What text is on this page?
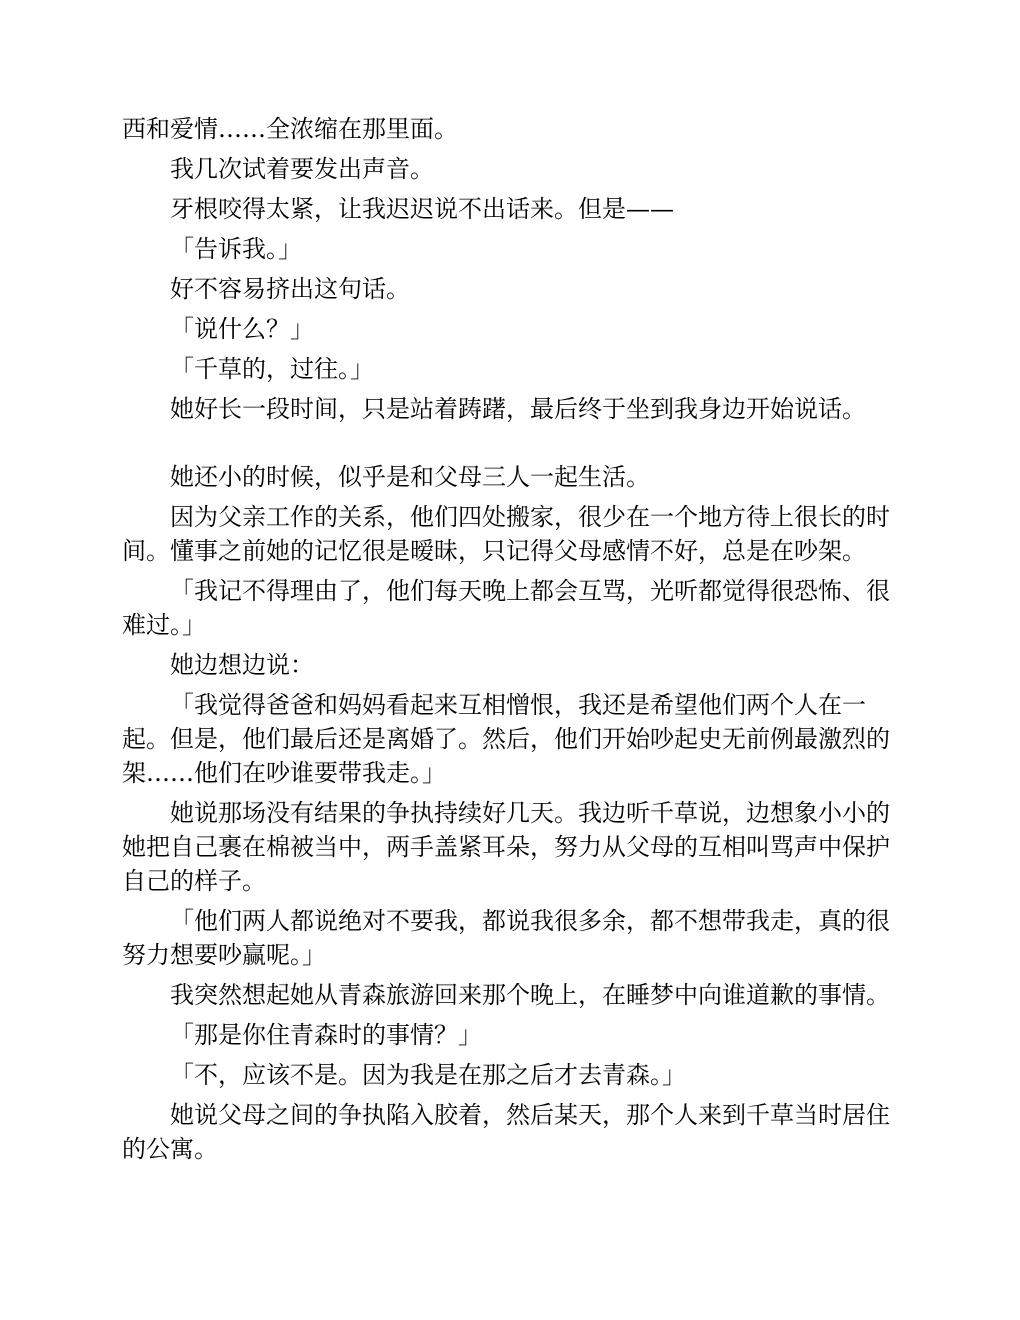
西和爱情……全浓缩在那里面。

我几次试着要发出声音。

牙根咬得太紧，让我迟迟说不出话来。但是——

「告诉我。」

好不容易挤出这句话。

「说什么？」

「千草的，过往。」

她好长一段时间，只是站着踌躇，最后终于坐到我身边开始说话。

她还小的时候，似乎是和父母三人一起生活。

因为父亲工作的关系，他们四处搬家，很少在一个地方待上很长的时间。懂事之前她的记忆很是暧昧，只记得父母感情不好，总是在吵架。

「我记不得理由了，他们每天晚上都会互骂，光听都觉得很恐怖、很难过。」

她边想边说：

「我觉得爸爸和妈妈看起来互相憎恨，我还是希望他们两个人在一起。但是，他们最后还是离婚了。然后，他们开始吵起史无前例最激烈的架……他们在吵谁要带我走。」

她说那场没有结果的争执持续好几天。我边听千草说，边想象小小的她把自己裹在棉被当中，两手盖紧耳朵，努力从父母的互相叫骂声中保护自己的样子。

「他们两人都说绝对不要我，都说我很多余，都不想带我走，真的很努力想要吵赢呢。」

我突然想起她从青森旅游回来那个晚上，在睡梦中向谁道歉的事情。

「那是你住青森时的事情？」

「不，应该不是。因为我是在那之后才去青森。」

她说父母之间的争执陷入胶着，然后某天，那个人来到千草当时居住的公寓。
